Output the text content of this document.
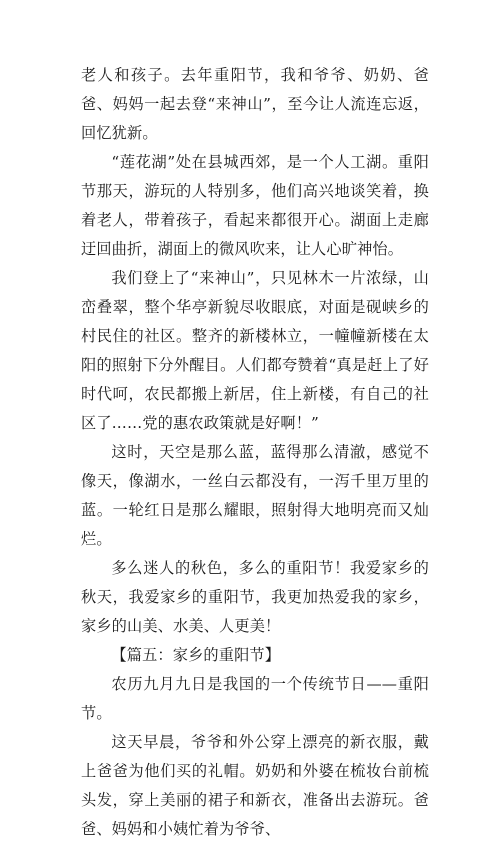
老人和孩子。去年重阳节，我和爷爷、奶奶、爸爸、妈妈一起去登“来神山”，至今让人流连忘返，回忆犹新。

“莲花湖”处在县城西郊，是一个人工湖。重阳节那天，游玩的人特别多，他们高兴地谈笑着，换着老人，带着孩子，看起来都很开心。湖面上走廊迂回曲折，湖面上的微风吹来，让人心旷神怡。

我们登上了“来神山”，只见林木一片浓绿，山峦叠翠，整个华亭新貌尽收眼底，对面是砚峡乡的村民住的社区。整齐的新楼林立，一幢幢新楼在太阳的照射下分外醒目。人们都夸赞着“真是赶上了好时代呵，农民都搬上新居，住上新楼，有自己的社区了……党的惠农政策就是好啊！”

这时，天空是那么蓝，蓝得那么清澈，感觉不像天，像湖水，一丝白云都没有，一泻千里万里的蓝。一轮红日是那么耀眼，照射得大地明亮而又灿烂。

多么迷人的秋色，多么的重阳节！我爱家乡的秋天，我爱家乡的重阳节，我更加热爱我的家乡，家乡的山美、水美、人更美！

【篇五：家乡的重阳节】

农历九月九日是我国的一个传统节日——重阳节。

这天早晨，爷爷和外公穿上漂亮的新衣服，戴上爸爸为他们买的礼帽。奶奶和外婆在梳妆台前梳头发，穿上美丽的裙子和新衣，准备出去游玩。爸爸、妈妈和小姨忙着为爷爷、
